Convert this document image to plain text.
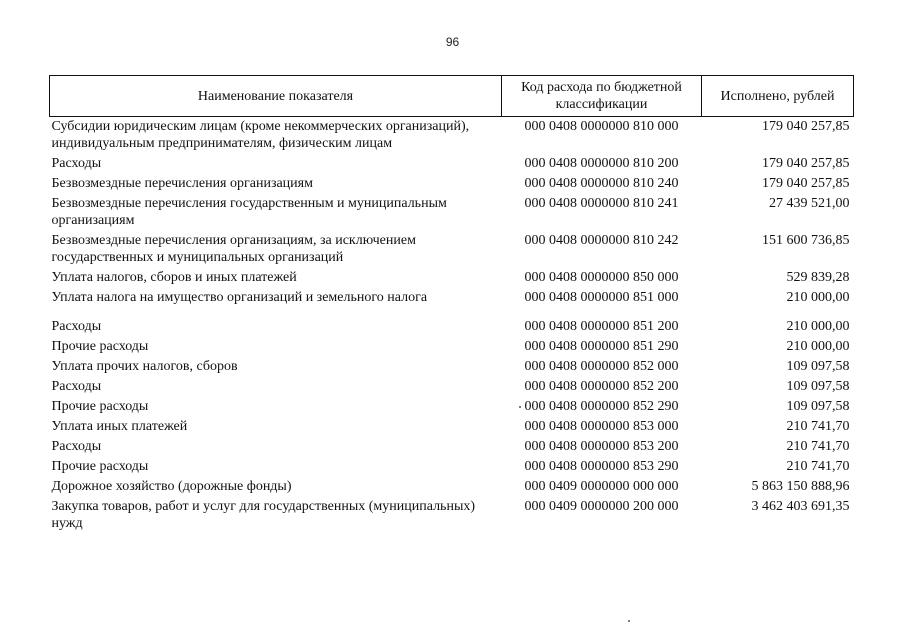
96
Наименование показателя	Код расхода по бюджетной классификации	Исполнено, рублей
Субсидии юридическим лицам (кроме некоммерческих организаций), индивидуальным предпринимателям, физическим лицам	000 0408 0000000 810 000	179 040 257,85
Расходы	000 0408 0000000 810 200	179 040 257,85
Безвозмездные перечисления организациям	000 0408 0000000 810 240	179 040 257,85
Безвозмездные перечисления государственным и муниципальным организациям	000 0408 0000000 810 241	27 439 521,00
Безвозмездные перечисления организациям, за исключением государственных и муниципальных организаций	000 0408 0000000 810 242	151 600 736,85
Уплата налогов, сборов и иных платежей	000 0408 0000000 850 000	529 839,28
Уплата налога на имущество организаций и земельного налога	000 0408 0000000 851 000	210 000,00
Расходы	000 0408 0000000 851 200	210 000,00
Прочие расходы	000 0408 0000000 851 290	210 000,00
Уплата прочих налогов, сборов	000 0408 0000000 852 000	109 097,58
Расходы	000 0408 0000000 852 200	109 097,58
Прочие расходы	000 0408 0000000 852 290	109 097,58
Уплата иных платежей	000 0408 0000000 853 000	210 741,70
Расходы	000 0408 0000000 853 200	210 741,70
Прочие расходы	000 0408 0000000 853 290	210 741,70
Дорожное хозяйство (дорожные фонды)	000 0409 0000000 000 000	5 863 150 888,96
Закупка товаров, работ и услуг для государственных (муниципальных) нужд	000 0409 0000000 200 000	3 462 403 691,35
